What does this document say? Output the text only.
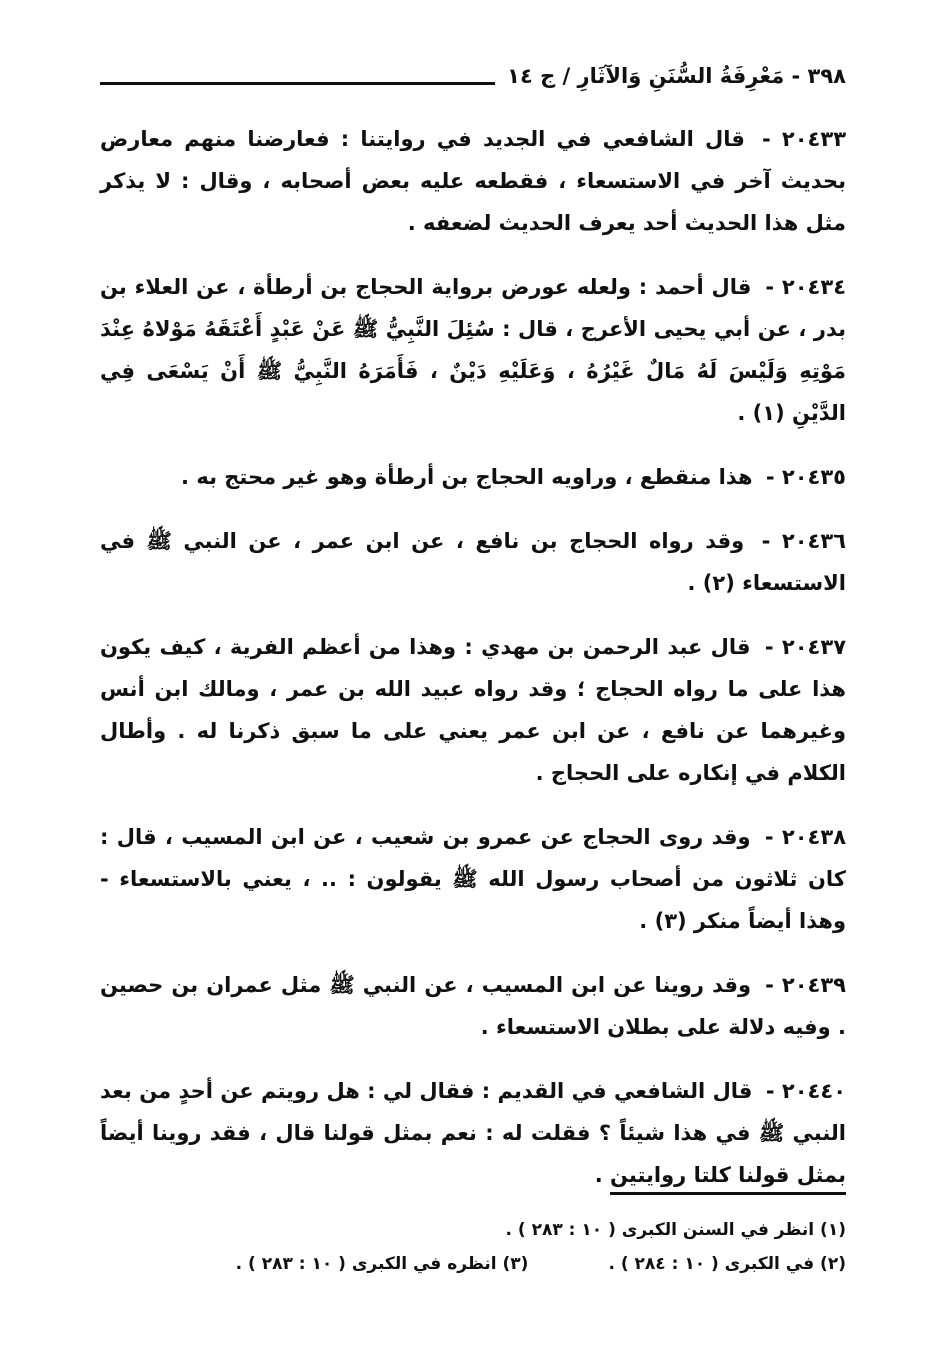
٣٩٨ - مَعْرِفَةُ السُّنَنِ وَالآثَارِ / ج ١٤

٢٠٤٣٣ - قال الشافعي في الجديد في روايتنا : فعارضنا منهم معارض بحديث آخر في الاستسعاء ، فقطعه عليه بعض أصحابه ، وقال : لا يذكر مثل هذا الحديث أحد يعرف الحديث لضعفه .

٢٠٤٣٤ - قال أحمد : ولعله عورض برواية الحجاج بن أرطأة ، عن العلاء بن بدر ، عن أبي يحيى الأعرج ، قال : سُئِلَ النَّبِيُّ ﷺ عَنْ عَبْدٍ أَعْتَقَهُ مَوْلاهُ عِنْدَ مَوْتِهِ وَلَيْسَ لَهُ مَالٌ غَيْرُهُ ، وَعَلَيْهِ دَيْنٌ ، فَأَمَرَهُ النَّبِيُّ ﷺ أَنْ يَسْعَى فِي الدَّيْنِ (١) .

٢٠٤٣٥ - هذا منقطع ، وراويه الحجاج بن أرطأة وهو غير محتج به .

٢٠٤٣٦ - وقد رواه الحجاج بن نافع ، عن ابن عمر ، عن النبي ﷺ في الاستسعاء (٢) .

٢٠٤٣٧ - قال عبد الرحمن بن مهدي : وهذا من أعظم الفرية ، كيف يكون هذا على ما رواه الحجاج ؛ وقد رواه عبيد الله بن عمر ، ومالك ابن أنس وغيرهما عن نافع ، عن ابن عمر يعني على ما سبق ذكرنا له . وأطال الكلام في إنكاره على الحجاج .

٢٠٤٣٨ - وقد روى الحجاج عن عمرو بن شعيب ، عن ابن المسيب ، قال : كان ثلاثون من أصحاب رسول الله ﷺ يقولون : .. ، يعني بالاستسعاء - وهذا أيضاً منكر (٣) .

٢٠٤٣٩ - وقد روينا عن ابن المسيب ، عن النبي ﷺ مثل عمران بن حصين . وفيه دلالة على بطلان الاستسعاء .

٢٠٤٤٠ - قال الشافعي في القديم : فقال لي : هل رويتم عن أحدٍ من بعد النبي ﷺ في هذا شيئاً ؟ فقلت له : نعم بمثل قولنا قال ، فقد روينا أيضاً بمثل قولنا كلتا روايتين .

(١) انظر في السنن الكبرى ( ١٠ : ٢٨٣ ) .
(٢) في الكبرى ( ١٠ : ٢٨٤ ) .
(٣) انظره في الكبرى ( ١٠ : ٢٨٣ ) .
